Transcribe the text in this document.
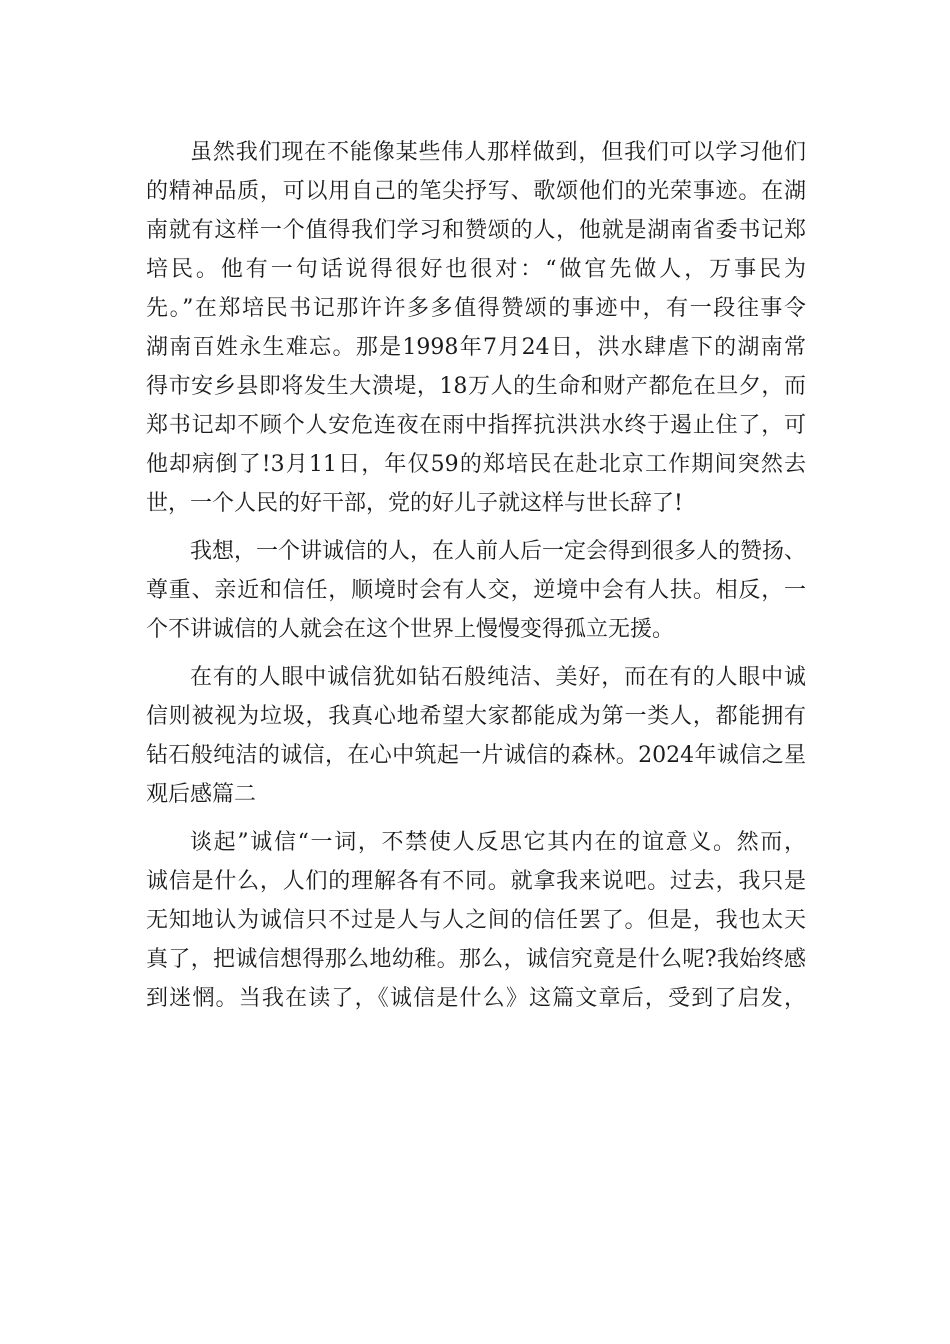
虽然我们现在不能像某些伟人那样做到，但我们可以学习他们
的精神品质，可以用自己的笔尖抒写、歌颂他们的光荣事迹。在湖
南就有这样一个值得我们学习和赞颂的人，他就是湖南省委书记郑
培民。他有一句话说得很好也很对：“做官先做人，万事民为
先。”在郑培民书记那许许多多值得赞颂的事迹中，有一段往事令
湖南百姓永生难忘。那是1998年7月24日，洪水肆虐下的湖南常
得市安乡县即将发生大溃堤，18万人的生命和财产都危在旦夕，而
郑书记却不顾个人安危连夜在雨中指挥抗洪洪水终于遏止住了，可
他却病倒了!3月11日，年仅59的郑培民在赴北京工作期间突然去
世，一个人民的好干部，党的好儿子就这样与世长辞了!
我想，一个讲诚信的人，在人前人后一定会得到很多人的赞扬、
尊重、亲近和信任，顺境时会有人交，逆境中会有人扶。相反，一
个不讲诚信的人就会在这个世界上慢慢变得孤立无援。
在有的人眼中诚信犹如钻石般纯洁、美好，而在有的人眼中诚
信则被视为垃圾，我真心地希望大家都能成为第一类人，都能拥有
钻石般纯洁的诚信，在心中筑起一片诚信的森林。2024年诚信之星
观后感篇二
谈起”诚信“一词，不禁使人反思它其内在的谊意义。然而，
诚信是什么，人们的理解各有不同。就拿我来说吧。过去，我只是
无知地认为诚信只不过是人与人之间的信任罢了。但是，我也太天
真了，把诚信想得那么地幼稚。那么，诚信究竟是什么呢?我始终感
到迷惘。当我在读了，《诚信是什么》这篇文章后，受到了启发，
